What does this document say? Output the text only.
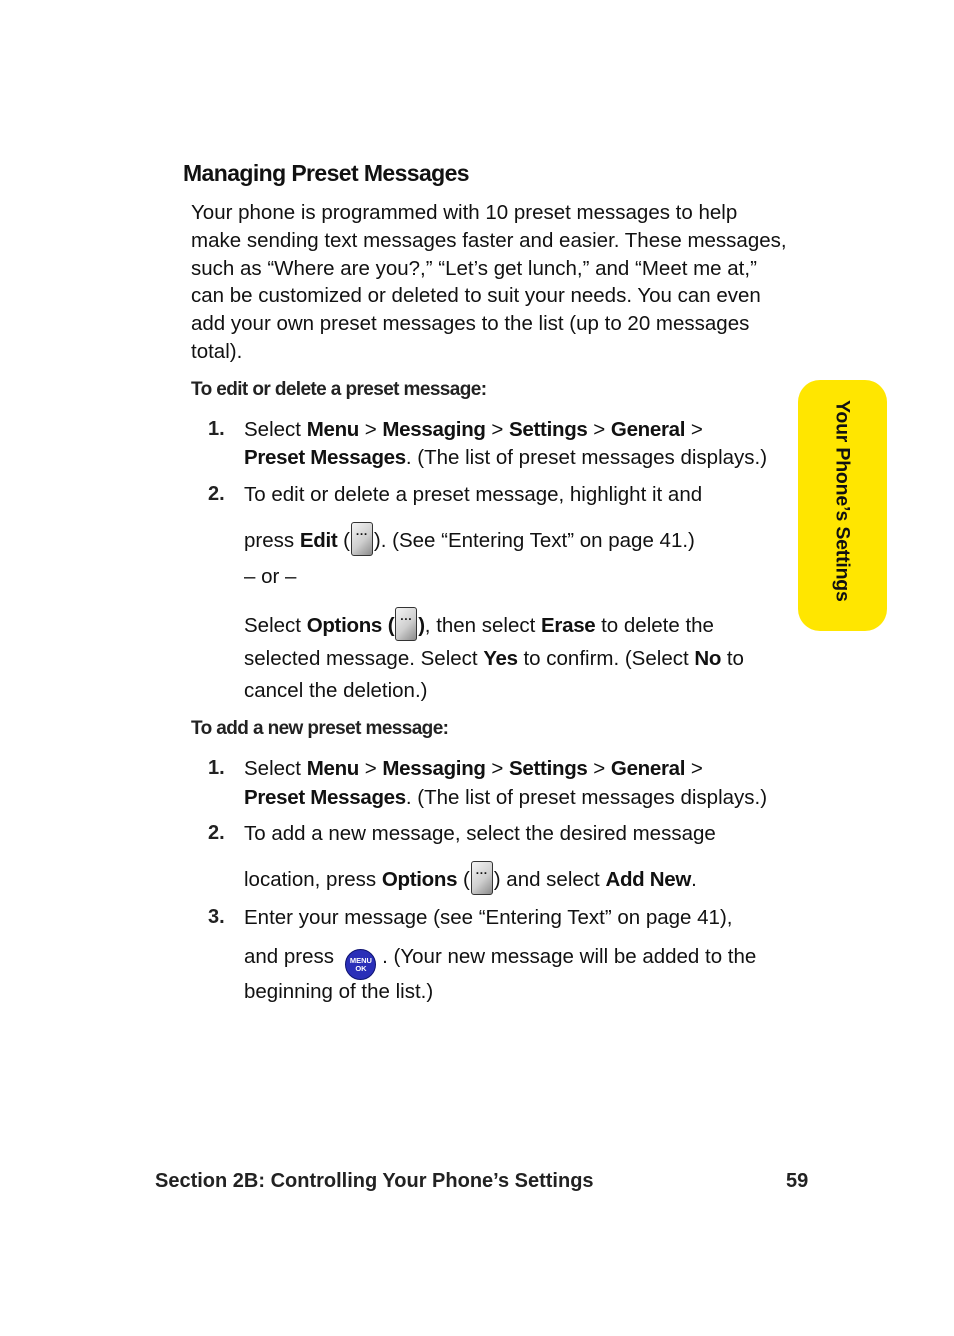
Managing Preset Messages
Your phone is programmed with 10 preset messages to help
make sending text messages faster and easier. These messages,
such as “Where are you?,” “Let’s get lunch,” and “Meet me at,”
can be customized or deleted to suit your needs. You can even
add your own preset messages to the list (up to 20 messages
total).
To edit or delete a preset message:
1. Select Menu > Messaging > Settings > General >
Preset Messages. (The list of preset messages displays.)
2. To edit or delete a preset message, highlight it and
press Edit ( ··· ). (See “Entering Text” on page 41.)
– or –
Select Options ( ··· ), then select Erase to delete the
selected message. Select Yes to confirm. (Select No to
cancel the deletion.)
To add a new preset message:
1. Select Menu > Messaging > Settings > General >
Preset Messages. (The list of preset messages displays.)
2. To add a new message, select the desired message
location, press Options ( ··· ) and select Add New.
3. Enter your message (see “Entering Text” on page 41),
and press MENU
OK . (Your new message will be added to the
beginning of the list.)
Your Phone’s Settings
Section 2B: Controlling Your Phone’s Settings	59
